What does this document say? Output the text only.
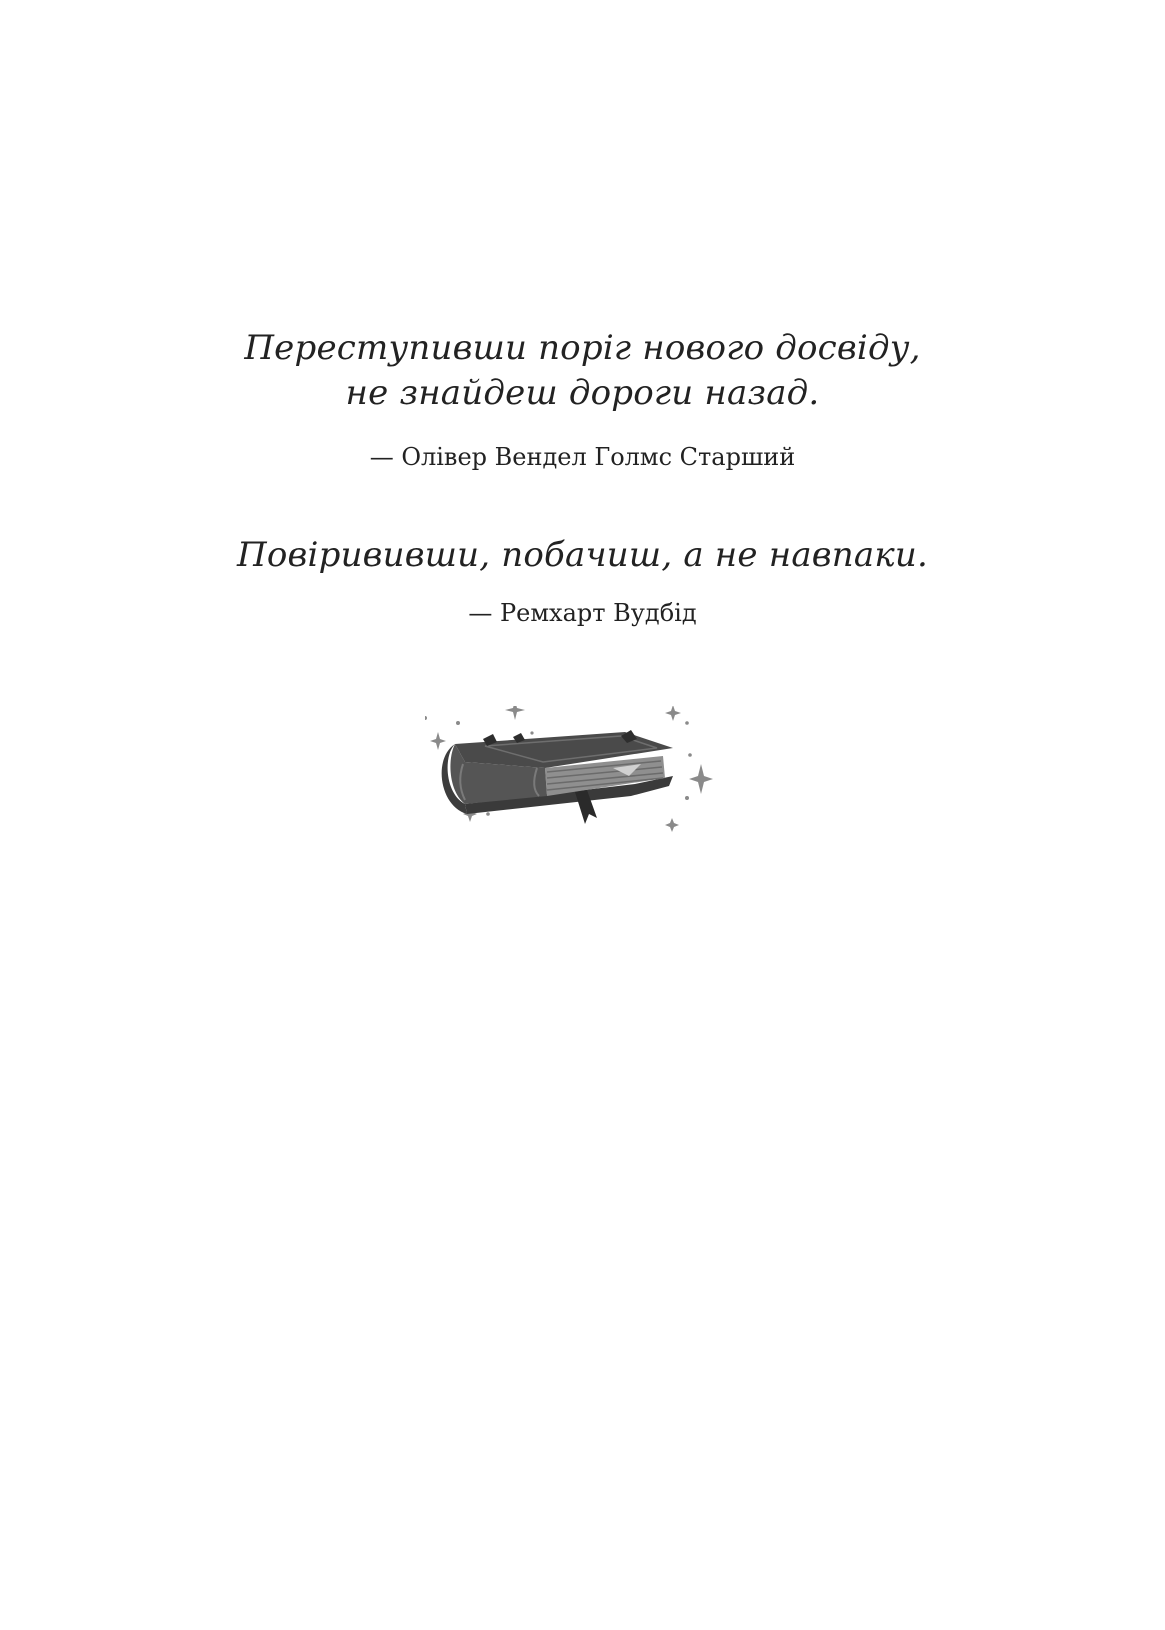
Переступивши поріг нового досвіду,
не знайдеш дороги назад.
— Олівер Вендел Голмс Старший
Повірививши, побачиш, а не навпаки.
— Ремхарт Вудбід
